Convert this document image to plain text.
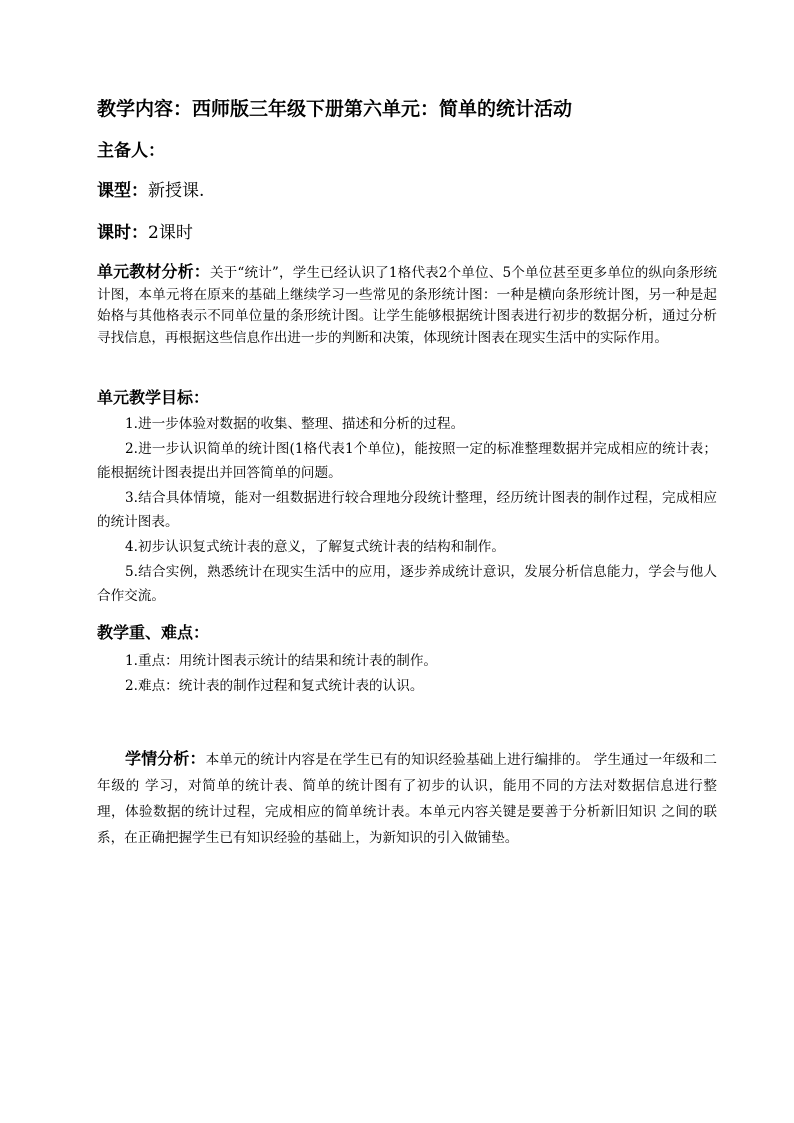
教学内容：西师版三年级下册第六单元：简单的统计活动
主备人：
课型：新授课.
课时：2课时

单元教材分析：关于“统计”，学生已经认识了1格代表2个单位、5个单位甚至更多单位的纵向条形统计图，本单元将在原来的基础上继续学习一些常见的条形统计图：一种是横向条形统计图，另一种是起始格与其他格表示不同单位量的条形统计图。让学生能够根据统计图表进行初步的数据分析，通过分析寻找信息，再根据这些信息作出进一步的判断和决策，体现统计图表在现实生活中的实际作用。

单元教学目标：
1.进一步体验对数据的收集、整理、描述和分析的过程。
2.进一步认识简单的统计图(1格代表1个单位)，能按照一定的标准整理数据并完成相应的统计表；能根据统计图表提出并回答简单的问题。
3.结合具体情境，能对一组数据进行较合理地分段统计整理，经历统计图表的制作过程，完成相应的统计图表。
4.初步认识复式统计表的意义，了解复式统计表的结构和制作。
5.结合实例，熟悉统计在现实生活中的应用，逐步养成统计意识，发展分析信息能力，学会与他人合作交流。
教学重、难点：
1.重点：用统计图表示统计的结果和统计表的制作。
2.难点：统计表的制作过程和复式统计表的认识。

学情分析：本单元的统计内容是在学生已有的知识经验基础上进行编排的。 学生通过一年级和二年级的 学习，对简单的统计表、简单的统计图有了初步的认识，能用不同的方法对数据信息进行整 理，体验数据的统计过程，完成相应的简单统计表。本单元内容关键是要善于分析新旧知识 之间的联系，在正确把握学生已有知识经验的基础上，为新知识的引入做铺垫。
